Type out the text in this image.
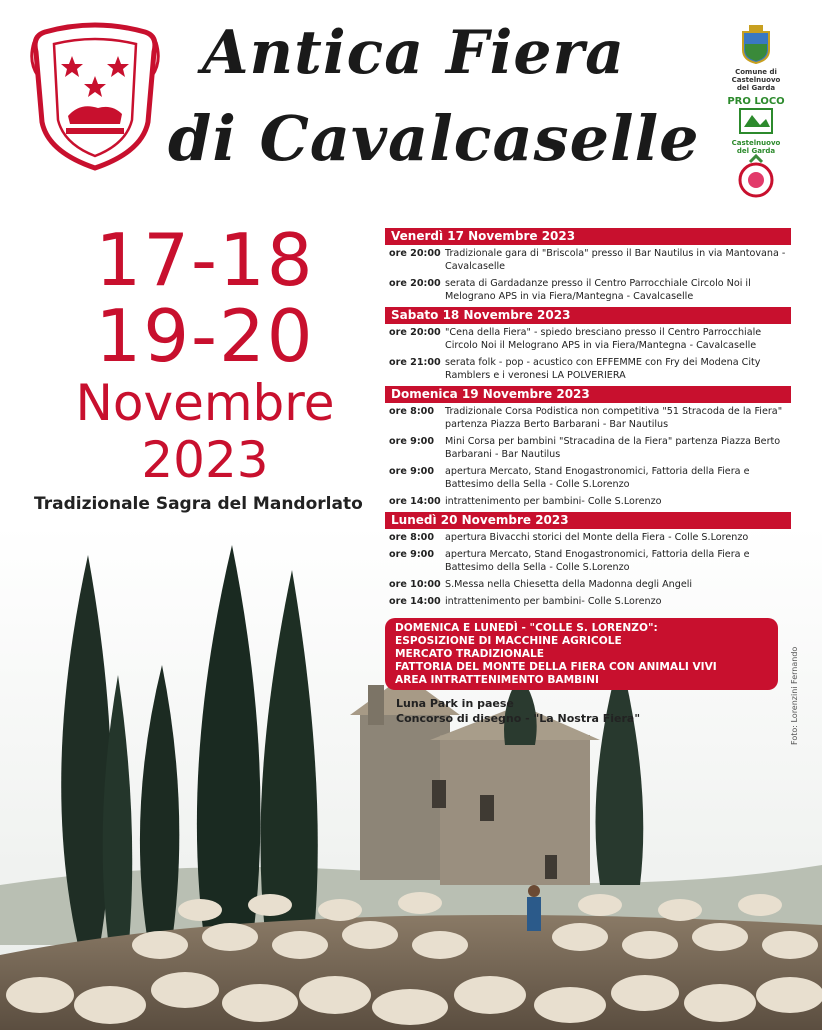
Antica Fiera
di Cavalcaselle
Comune di
Castelnuovo
del Garda
PRO LOCO
Castelnuovo
del Garda
17-18
19-20
Novembre
2023
Tradizionale Sagra del Mandorlato
Foto: Lorenzini Fernando
Venerdì 17 Novembre 2023
ore 20:00 Tradizionale gara di "Briscola" presso il Bar Nautilus in via Mantovana - Cavalcaselle
ore 20:00 serata di Gardadanze presso il Centro Parrocchiale Circolo Noi il Melograno APS in via Fiera/Mantegna - Cavalcaselle
Sabato 18 Novembre 2023
ore 20:00 "Cena della Fiera" - spiedo bresciano presso il Centro Parrocchiale Circolo Noi il Melograno APS in via Fiera/Mantegna - Cavalcaselle
ore 21:00 serata folk - pop - acustico con EFFEMME con Fry dei Modena City Ramblers e i veronesi LA POLVERIERA
Domenica 19 Novembre 2023
ore 8:00	Tradizionale Corsa Podistica non competitiva "51 Stracoda de la Fiera" partenza Piazza Berto Barbarani - Bar Nautilus
ore 9:00	Mini Corsa per bambini "Stracadina de la Fiera" partenza Piazza Berto Barbarani - Bar Nautilus
ore 9:00	apertura Mercato, Stand Enogastronomici, Fattoria della Fiera e Battesimo della Sella - Colle S.Lorenzo
ore 14:00 intrattenimento per bambini- Colle S.Lorenzo
Lunedì 20 Novembre 2023
ore 8:00	apertura Bivacchi storici del Monte della Fiera - Colle S.Lorenzo
ore 9:00	apertura Mercato, Stand Enogastronomici, Fattoria della Fiera e Battesimo della Sella - Colle S.Lorenzo
ore 10:00 S.Messa nella Chiesetta della Madonna degli Angeli
ore 14:00 intrattenimento per bambini- Colle S.Lorenzo
DOMENICA E LUNEDÌ - "COLLE S. LORENZO":
ESPOSIZIONE DI MACCHINE AGRICOLE
MERCATO TRADIZIONALE
FATTORIA DEL MONTE DELLA FIERA CON ANIMALI VIVI
AREA INTRATTENIMENTO BAMBINI
Luna Park in paese
Concorso di disegno - "La Nostra Fiera"
